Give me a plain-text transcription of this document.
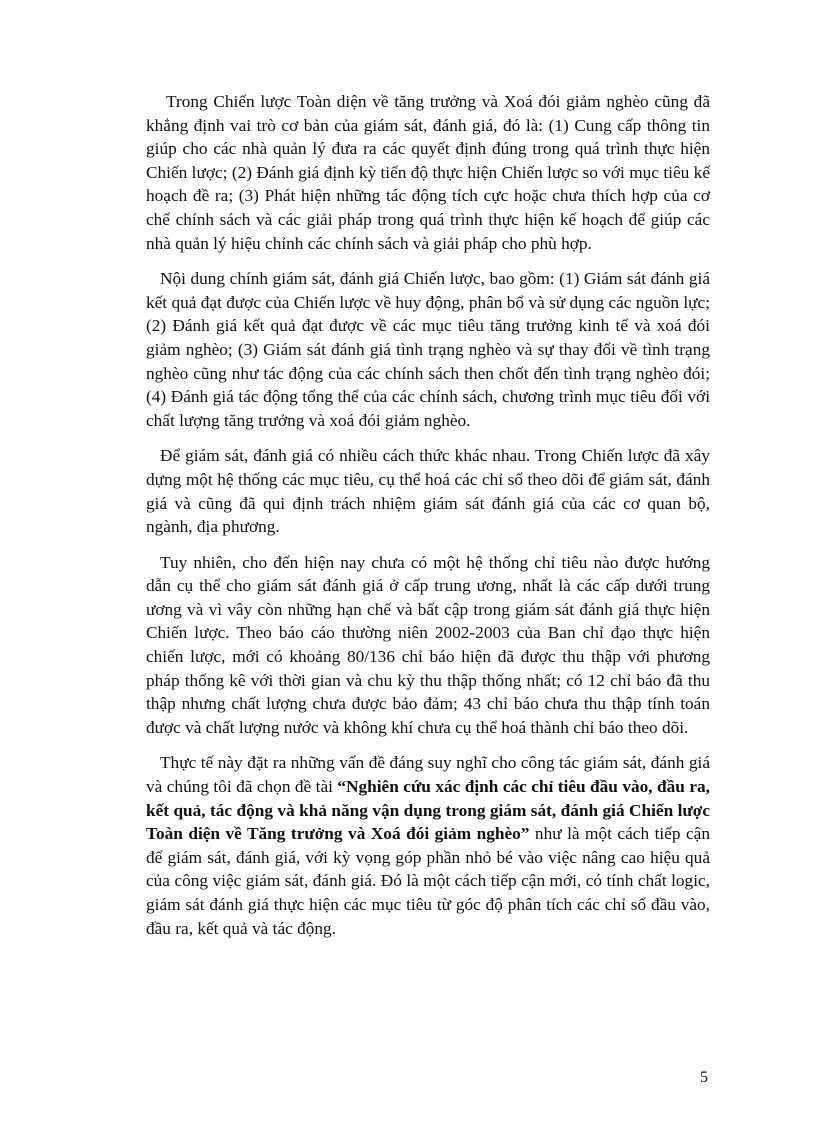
Trong Chiến lược Toàn diện về tăng trưởng và Xoá đói giảm nghèo cũng đã khẳng định vai trò cơ bản của giám sát, đánh giá, đó là: (1) Cung cấp thông tin giúp cho các nhà quản lý đưa ra các quyết định đúng trong quá trình thực hiện Chiến lược; (2) Đánh giá định kỳ tiến độ thực hiện Chiến lược so với mục tiêu kế hoạch đề ra; (3) Phát hiện những tác động tích cực hoặc chưa thích hợp của cơ chế chính sách và các giải pháp trong quá trình thực hiện kế hoạch để giúp các nhà quản lý hiệu chỉnh các chính sách và giải pháp cho phù hợp.

Nội dung chính giám sát, đánh giá Chiến lược, bao gồm: (1) Giám sát đánh giá kết quả đạt được của Chiến lược về huy động, phân bổ và sử dụng các nguồn lực; (2) Đánh giá kết quả đạt được về các mục tiêu tăng trưởng kinh tế và xoá đói giảm nghèo; (3) Giám sát đánh giá tình trạng nghèo và sự thay đổi về tình trạng nghèo cũng như tác động của các chính sách then chốt đến tình trạng nghèo đói; (4) Đánh giá tác động tổng thể của các chính sách, chương trình mục tiêu đối với chất lượng tăng trưởng và xoá đói giảm nghèo.

Để giám sát, đánh giá có nhiều cách thức khác nhau. Trong Chiến lược đã xây dựng một hệ thống các mục tiêu, cụ thể hoá các chỉ số theo dõi để giám sát, đánh giá và cũng đã qui định trách nhiệm giám sát đánh giá của các cơ quan bộ, ngành, địa phương.

Tuy nhiên, cho đến hiện nay chưa có một hệ thống chỉ tiêu nào được hướng dẫn cụ thể cho giám sát đánh giá ở cấp trung ương, nhất là các cấp dưới trung ương và vì vây còn những hạn chế và bất cập trong giám sát đánh giá thực hiện Chiến lược. Theo báo cáo thường niên 2002-2003 của Ban chỉ đạo thực hiện chiến lược, mới có khoảng 80/136 chỉ báo hiện đã được thu thập với phương pháp thống kê với thời gian và chu kỳ thu thập thống nhất; có 12 chỉ báo đã thu thập nhưng chất lượng chưa được bảo đảm; 43 chỉ báo chưa thu thập tính toán được và chất lượng nước và không khí chưa cụ thể hoá thành chỉ báo theo dõi.

Thực tế này đặt ra những vấn đề đáng suy nghĩ cho công tác giám sát, đánh giá và chúng tôi đã chọn đề tài “Nghiên cứu xác định các chỉ tiêu đầu vào, đầu ra, kết quả, tác động và khả năng vận dụng trong giám sát, đánh giá Chiến lược Toàn diện về Tăng trưởng và Xoá đói giảm nghèo” như là một cách tiếp cận để giám sát, đánh giá, với kỳ vọng góp phần nhỏ bé vào việc nâng cao hiệu quả của công việc giám sát, đánh giá. Đó là một cách tiếp cận mới, có tính chất logic, giám sát đánh giá thực hiện các mục tiêu từ góc độ phân tích các chỉ số đầu vào, đầu ra, kết quả và tác động.

5
